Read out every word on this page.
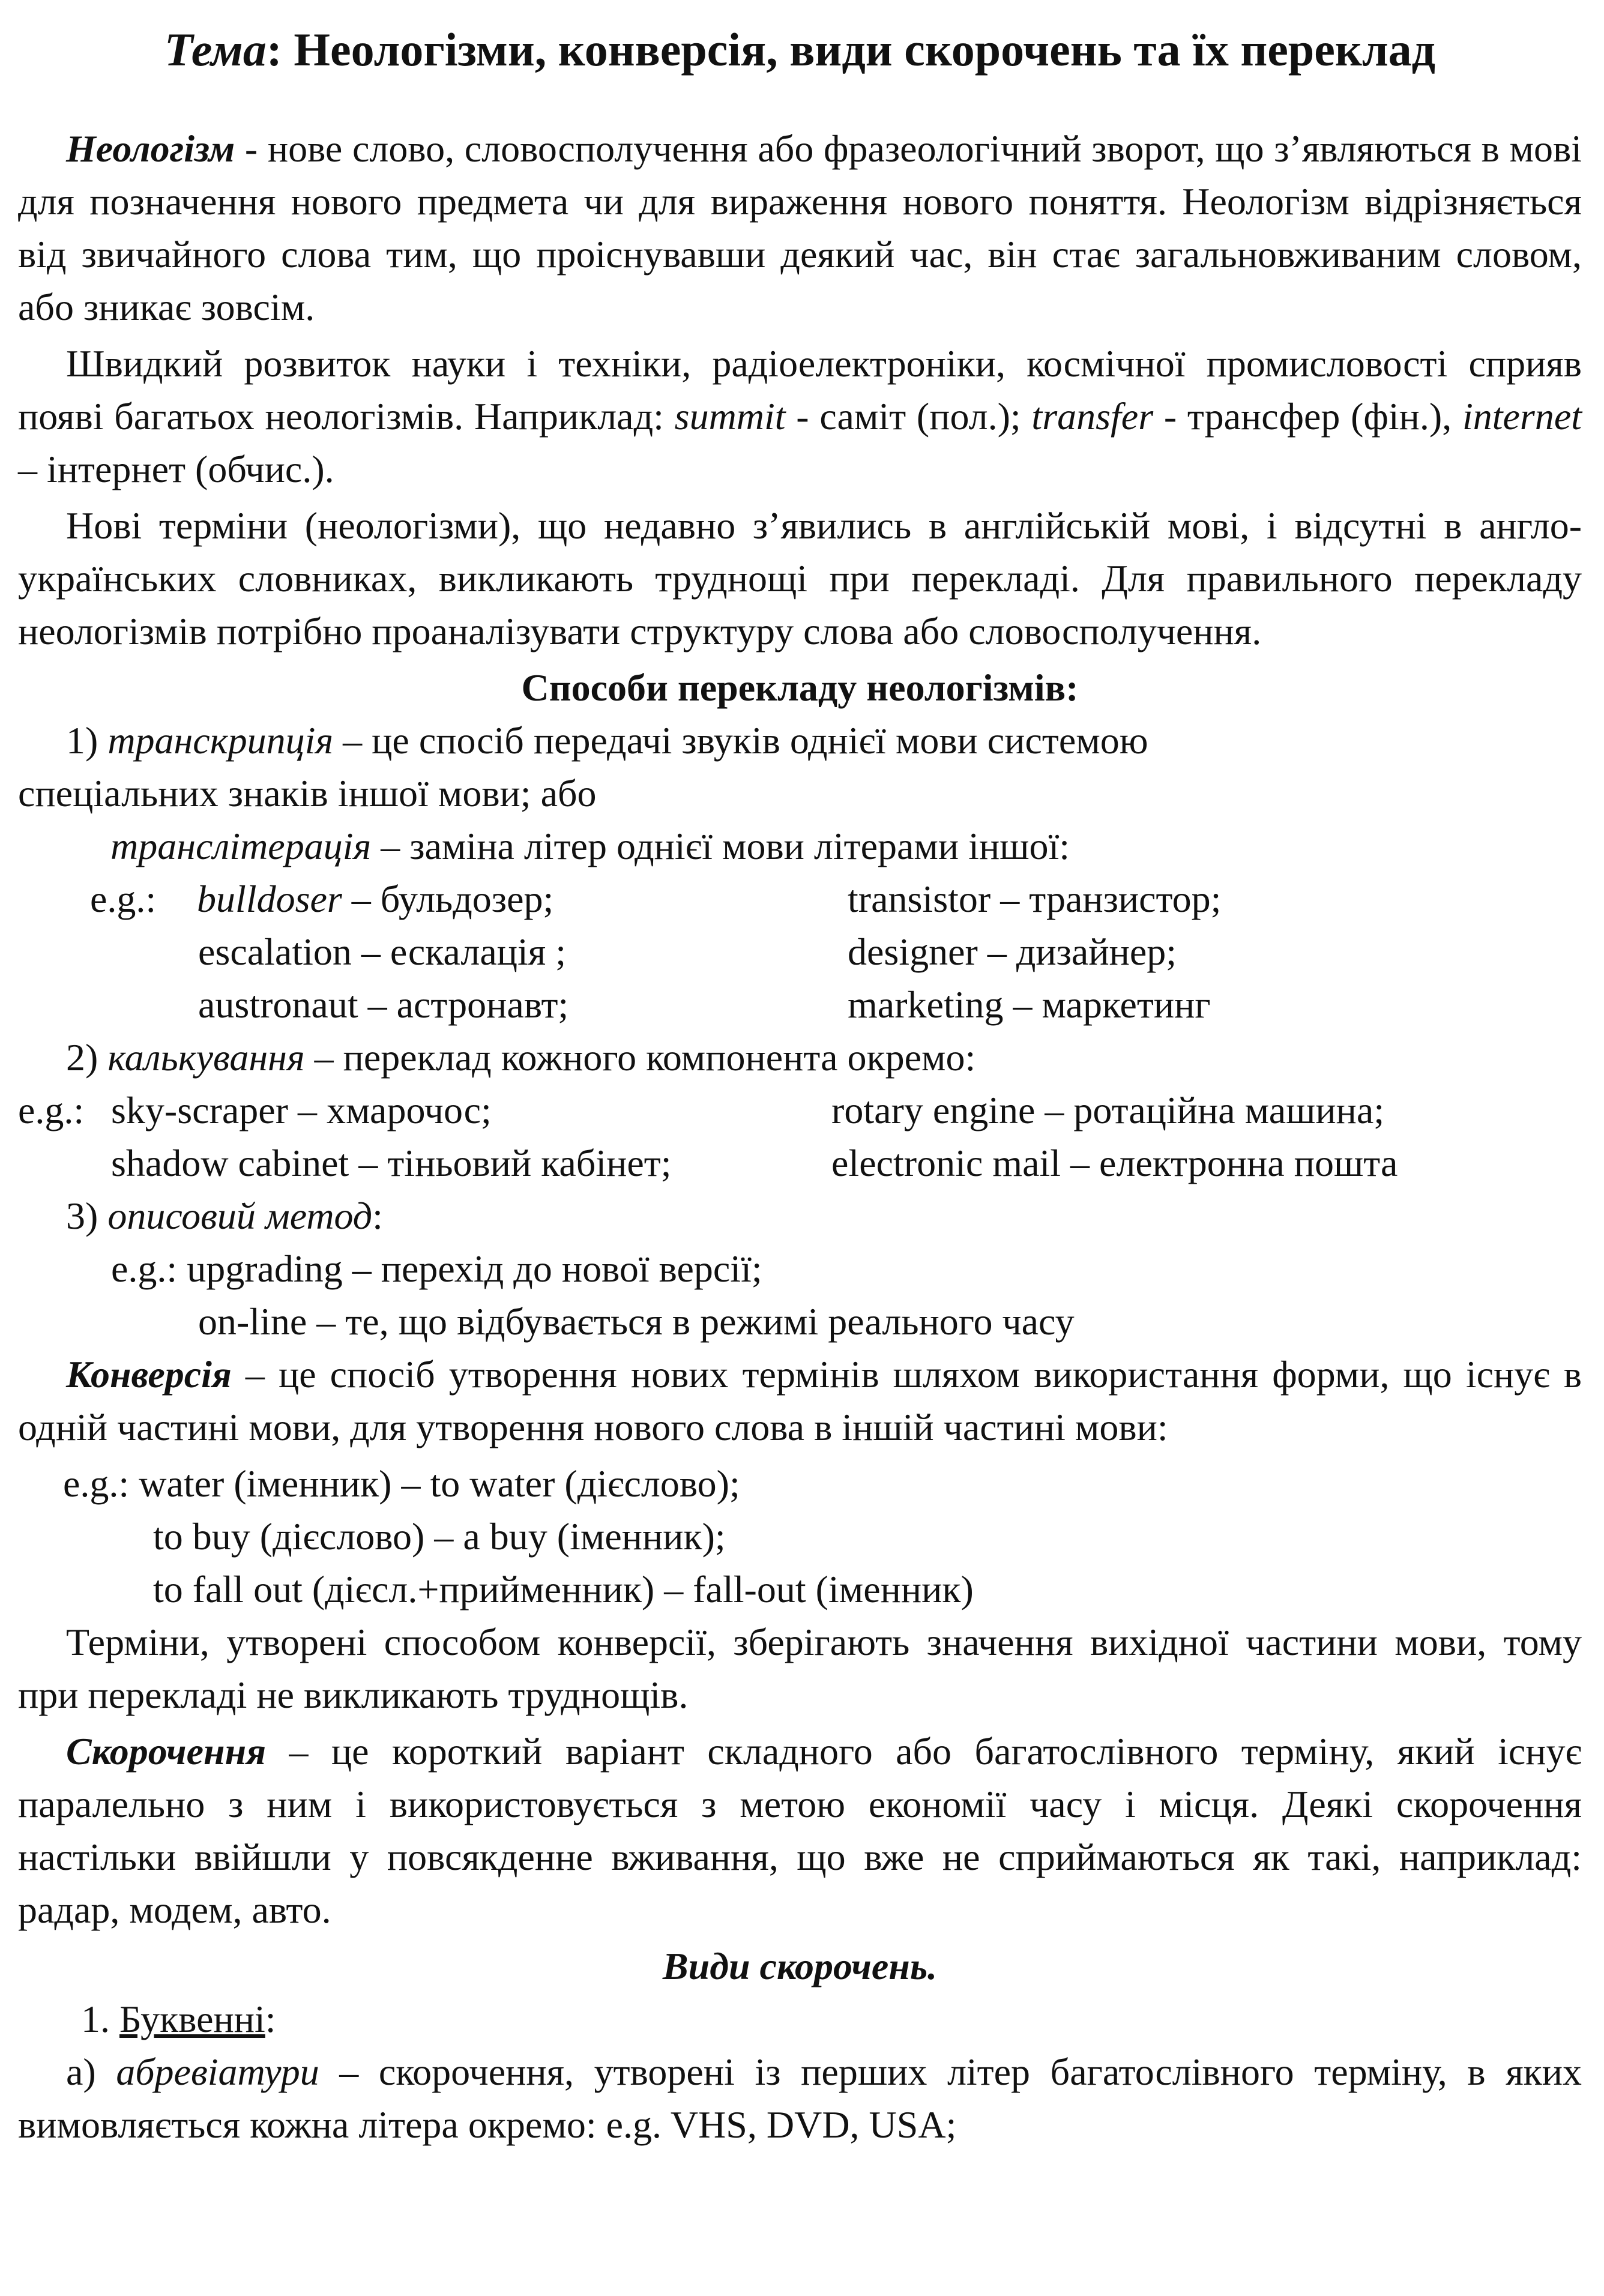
Тема: Неологізми, конверсія, види скорочень та їх переклад

Неологізм - нове слово, словосполучення або фразеологічний зворот, що з’являються в мові для позначення нового предмета чи для вираження нового поняття. Неологізм відрізняється від звичайного слова тим, що проіснувавши деякий час, він стає загальновживаним словом, або зникає зовсім.

Швидкий розвиток науки і техніки, радіоелектроніки, космічної промисловості сприяв появі багатьох неологізмів. Наприклад: summit - саміт (пол.); transfer - трансфер (фін.), internet – інтернет (обчис.).

Нові терміни (неологізми), що недавно з’явились в англійській мові, і відсутні в англо-українських словниках, викликають труднощі при перекладі. Для правильного перекладу неологізмів потрібно проаналізувати структуру слова або словосполучення.

Способи перекладу неологізмів:
1) транскрипція – це спосіб передачі звуків однієї мови системою
спеціальних знаків іншої мови; або
транслітерація – заміна літер однієї мови літерами іншої:
e.g.: bulldoser – бульдозер;	transistor – транзистор;
escalation – ескалація ;	designer – дизайнер;
austronaut – астронавт;	marketing – маркетинг
2) калькування – переклад кожного компонента окремо:
e.g.: sky-scraper – хмарочос;	rotary engine – ротаційна машина;
shadow cabinet – тіньовий кабінет;	electronic mail – електронна пошта
3) описовий метод:
e.g.: upgrading – перехід до нової версії;
on-line – те, що відбувається в режимі реального часу

Конверсія – це спосіб утворення нових термінів шляхом використання форми, що існує в одній частині мови, для утворення нового слова в іншій частині мови:

e.g.: water (іменник) – to water (дієслово);
to buy (дієслово) – a buy (іменник);
to fall out (дієсл.+прийменник) – fall-out (іменник)

Терміни, утворені способом конверсії, зберігають значення вихідної частини мови, тому при перекладі не викликають труднощів.

Скорочення – це короткий варіант складного або багатослівного терміну, який існує паралельно з ним і використовується з метою економії часу і місця. Деякі скорочення настільки ввійшли у повсякденне вживання, що вже не сприймаються як такі, наприклад: радар, модем, авто.

Види скорочень.
1. Буквенні:

а) абревіатури – скорочення, утворені із перших літер багатослівного терміну, в яких вимовляється кожна літера окремо: e.g. VHS, DVD, USA;
